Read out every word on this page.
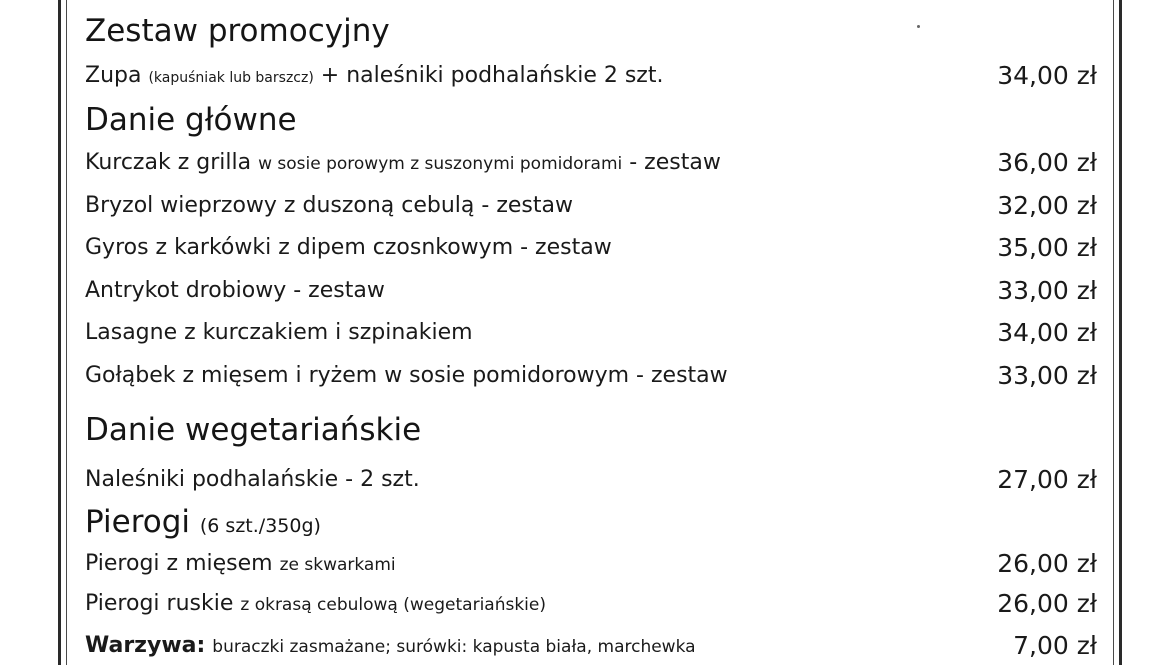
Zestaw promocyjny
Zupa (kapuśniak lub barszcz) + naleśniki podhalańskie 2 szt.	34,00 zł
Danie główne
Kurczak z grilla w sosie porowym z suszonymi pomidorami - zestaw	36,00 zł
Bryzol wieprzowy z duszoną cebulą - zestaw	32,00 zł
Gyros z karkówki z dipem czosnkowym - zestaw	35,00 zł
Antrykot drobiowy - zestaw	33,00 zł
Lasagne z kurczakiem i szpinakiem	34,00 zł
Gołąbek z mięsem i ryżem w sosie pomidorowym - zestaw	33,00 zł
Danie wegetariańskie
Naleśniki podhalańskie - 2 szt.	27,00 zł
Pierogi (6 szt./350g)
Pierogi z mięsem ze skwarkami	26,00 zł
Pierogi ruskie z okrasą cebulową (wegetariańskie)	26,00 zł
Warzywa: buraczki zasmażane; surówki: kapusta biała, marchewka	7,00 zł
